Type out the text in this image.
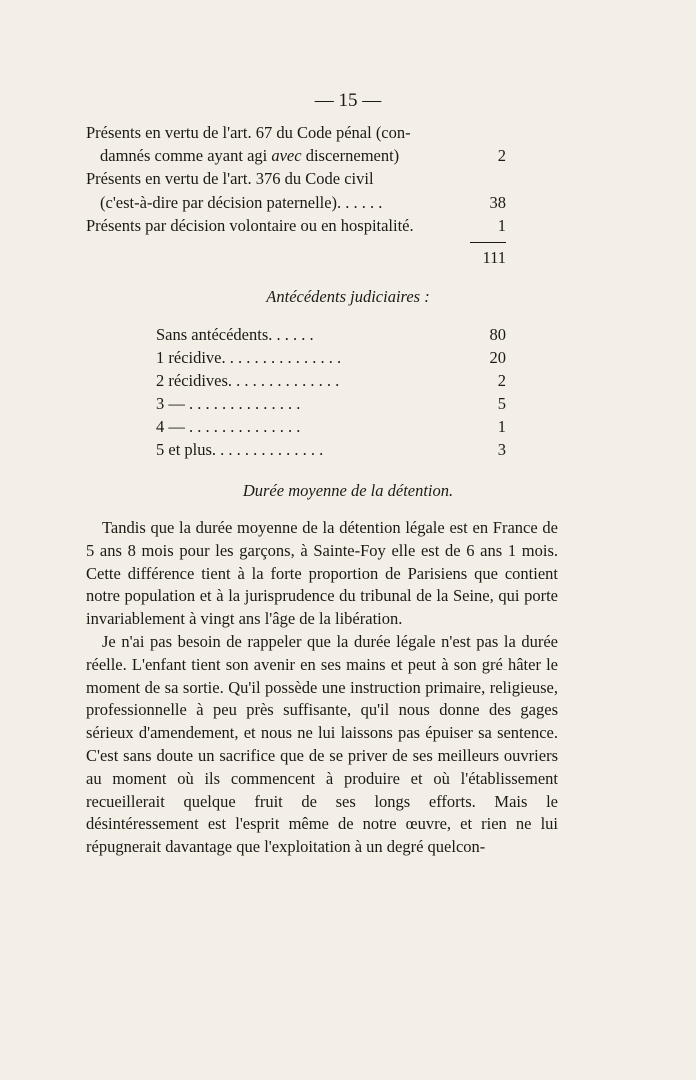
— 15 —
Présents en vertu de l'art. 67 du Code pénal (con-
damnés comme ayant agi avec discernement)	2
Présents en vertu de l'art. 376 du Code civil
(c'est-à-dire par décision paternelle). . . . . .	38
Présents par décision volontaire ou en hospitalité.	1
111
Antécédents judiciaires :
Sans antécédents. . . . . .	80
1 récidive. . . . . . . . . . . . . . .	20
2 récidives. . . . . . . . . . . . . .	2
3 — . . . . . . . . . . . . . .	5
4 — . . . . . . . . . . . . . .	1
5 et plus. . . . . . . . . . . . . .	3
Durée moyenne de la détention.

Tandis que la durée moyenne de la détention légale est en France de 5 ans 8 mois pour les garçons, à Sainte-Foy elle est de 6 ans 1 mois. Cette différence tient à la forte proportion de Parisiens que contient notre population et à la jurisprudence du tribunal de la Seine, qui porte invariablement à vingt ans l'âge de la libération.

Je n'ai pas besoin de rappeler que la durée légale n'est pas la durée réelle. L'enfant tient son avenir en ses mains et peut à son gré hâter le moment de sa sortie. Qu'il possède une instruction primaire, religieuse, professionnelle à peu près suffisante, qu'il nous donne des gages sérieux d'amendement, et nous ne lui laissons pas épuiser sa sentence. C'est sans doute un sacrifice que de se priver de ses meilleurs ouvriers au moment où ils commencent à produire et où l'établissement recueillerait quelque fruit de ses longs efforts. Mais le désintéressement est l'esprit même de notre œuvre, et rien ne lui répugnerait davantage que l'exploitation à un degré quelcon-
